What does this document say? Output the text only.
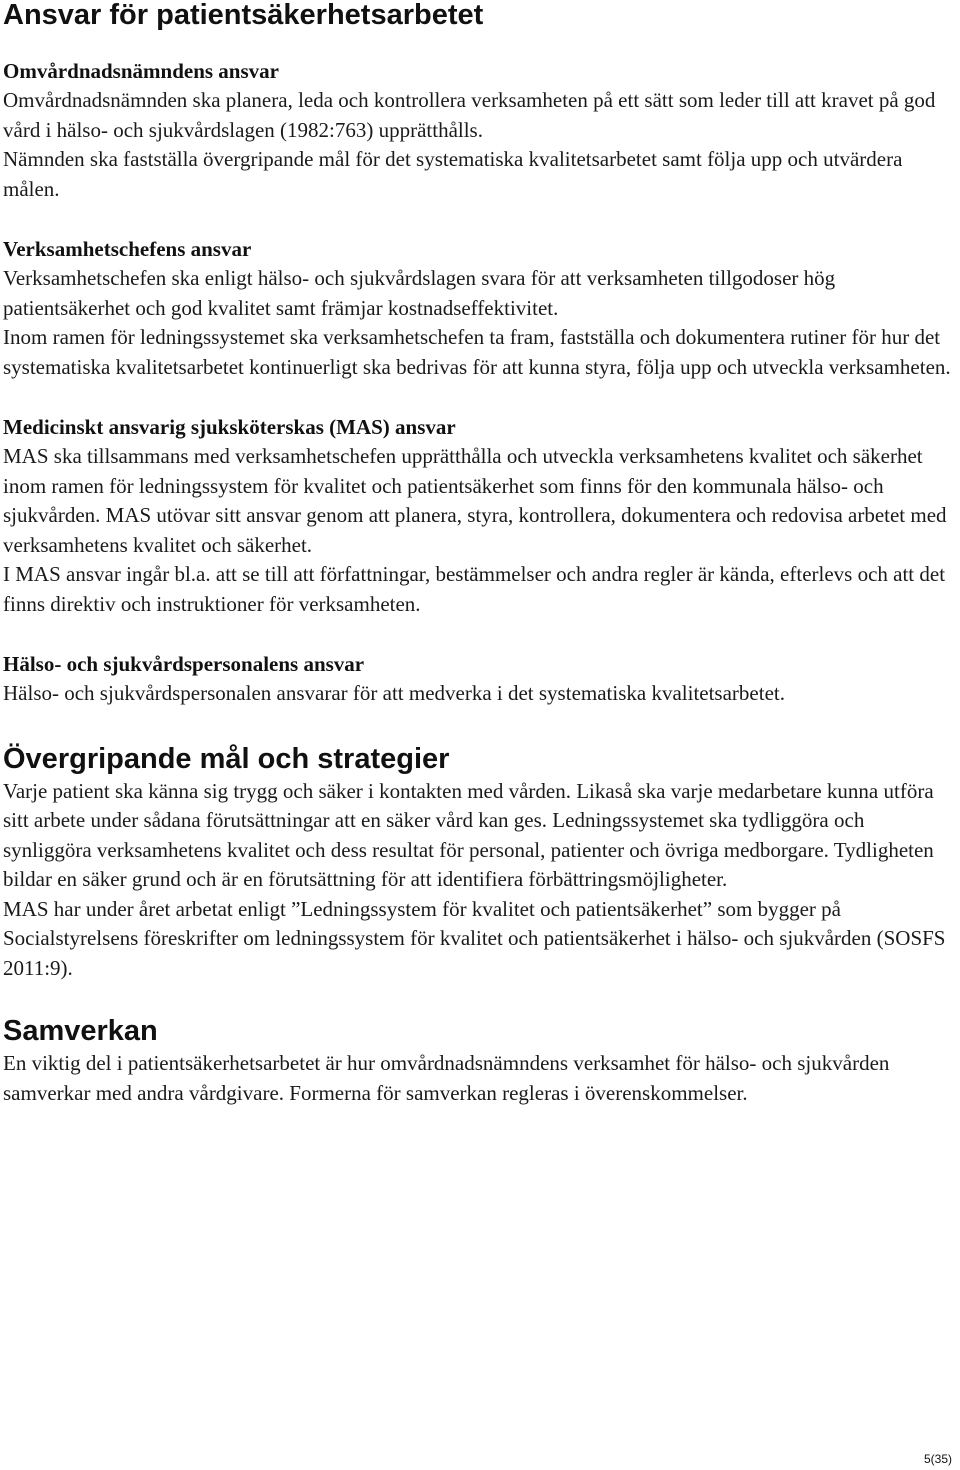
Ansvar för patientsäkerhetsarbetet
Omvårdnadsnämndens ansvar

Omvårdnadsnämnden ska planera, leda och kontrollera verksamheten på ett sätt som leder till att kravet på god vård i hälso- och sjukvårdslagen (1982:763) upprätthålls.

Nämnden ska fastställa övergripande mål för det systematiska kvalitetsarbetet samt följa upp och utvärdera målen.

Verksamhetschefens ansvar

Verksamhetschefen ska enligt hälso- och sjukvårdslagen svara för att verksamheten tillgodoser hög patientsäkerhet och god kvalitet samt främjar kostnadseffektivitet.

Inom ramen för ledningssystemet ska verksamhetschefen ta fram, fastställa och dokumentera rutiner för hur det systematiska kvalitetsarbetet kontinuerligt ska bedrivas för att kunna styra, följa upp och utveckla verksamheten.

Medicinskt ansvarig sjuksköterskas (MAS) ansvar

MAS ska tillsammans med verksamhetschefen upprätthålla och utveckla verksamhetens kvalitet och säkerhet inom ramen för ledningssystem för kvalitet och patientsäkerhet som finns för den kommunala hälso- och sjukvården. MAS utövar sitt ansvar genom att planera, styra, kontrollera, dokumentera och redovisa arbetet med verksamhetens kvalitet och säkerhet.

I MAS ansvar ingår bl.a. att se till att författningar, bestämmelser och andra regler är kända, efterlevs och att det finns direktiv och instruktioner för verksamheten.

Hälso- och sjukvårdspersonalens ansvar

Hälso- och sjukvårdspersonalen ansvarar för att medverka i det systematiska kvalitetsarbetet.

Övergripande mål och strategier

Varje patient ska känna sig trygg och säker i kontakten med vården. Likaså ska varje medarbetare kunna utföra sitt arbete under sådana förutsättningar att en säker vård kan ges. Ledningssystemet ska tydliggöra och synliggöra verksamhetens kvalitet och dess resultat för personal, patienter och övriga medborgare. Tydligheten bildar en säker grund och är en förutsättning för att identifiera förbättringsmöjligheter.

MAS har under året arbetat enligt ”Ledningssystem för kvalitet och patientsäkerhet” som bygger på Socialstyrelsens föreskrifter om ledningssystem för kvalitet och patientsäkerhet i hälso- och sjukvården (SOSFS 2011:9).

Samverkan

En viktig del i patientsäkerhetsarbetet är hur omvårdnadsnämndens verksamhet för hälso- och sjukvården samverkar med andra vårdgivare. Formerna för samverkan regleras i överenskommelser.

5(35)
